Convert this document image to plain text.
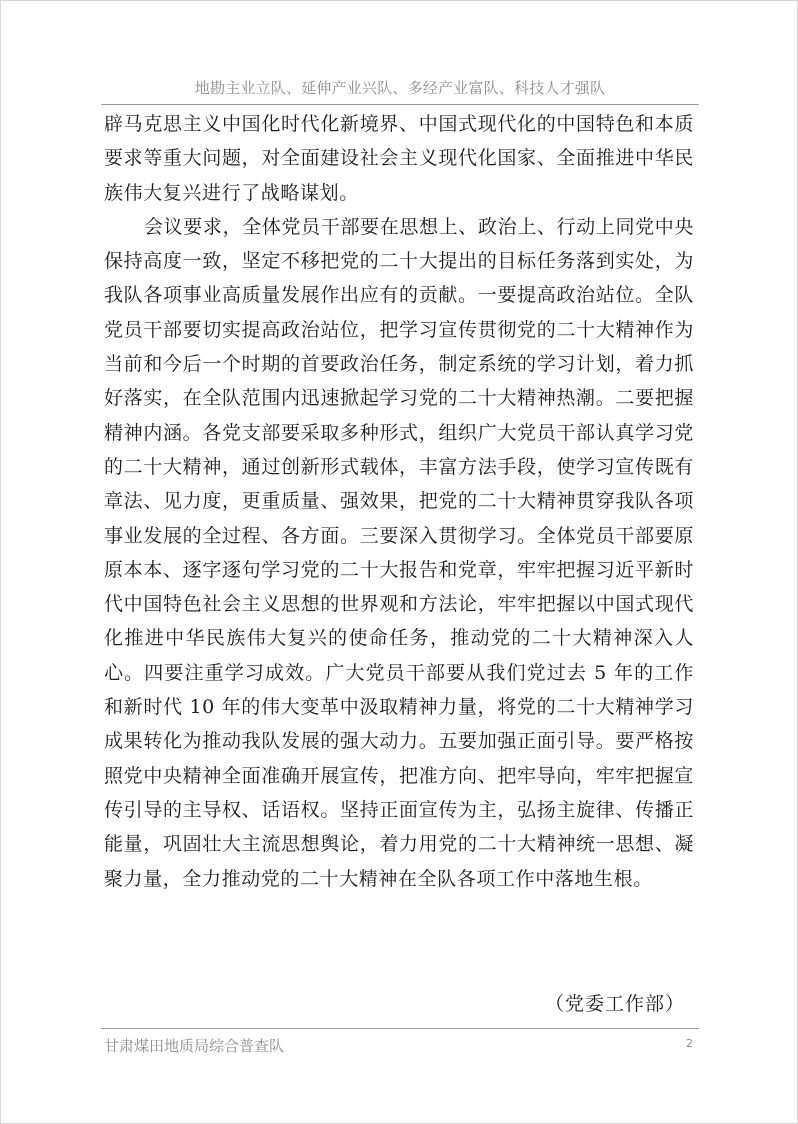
地勘主业立队、延伸产业兴队、多经产业富队、科技人才强队

辟马克思主义中国化时代化新境界、中国式现代化的中国特色和本质要求等重大问题，对全面建设社会主义现代化国家、全面推进中华民族伟大复兴进行了战略谋划。

会议要求，全体党员干部要在思想上、政治上、行动上同党中央保持高度一致，坚定不移把党的二十大提出的目标任务落到实处，为我队各项事业高质量发展作出应有的贡献。一要提高政治站位。全队党员干部要切实提高政治站位，把学习宣传贯彻党的二十大精神作为当前和今后一个时期的首要政治任务，制定系统的学习计划，着力抓好落实，在全队范围内迅速掀起学习党的二十大精神热潮。二要把握精神内涵。各党支部要采取多种形式，组织广大党员干部认真学习党的二十大精神，通过创新形式载体，丰富方法手段，使学习宣传既有章法、见力度，更重质量、强效果，把党的二十大精神贯穿我队各项事业发展的全过程、各方面。三要深入贯彻学习。全体党员干部要原原本本、逐字逐句学习党的二十大报告和党章，牢牢把握习近平新时代中国特色社会主义思想的世界观和方法论，牢牢把握以中国式现代化推进中华民族伟大复兴的使命任务，推动党的二十大精神深入人心。四要注重学习成效。广大党员干部要从我们党过去 5 年的工作和新时代 10 年的伟大变革中汲取精神力量，将党的二十大精神学习成果转化为推动我队发展的强大动力。五要加强正面引导。要严格按照党中央精神全面准确开展宣传，把准方向、把牢导向，牢牢把握宣传引导的主导权、话语权。坚持正面宣传为主，弘扬主旋律、传播正能量，巩固壮大主流思想舆论，着力用党的二十大精神统一思想、凝聚力量，全力推动党的二十大精神在全队各项工作中落地生根。

（党委工作部）
甘肃煤田地质局综合普查队	2
